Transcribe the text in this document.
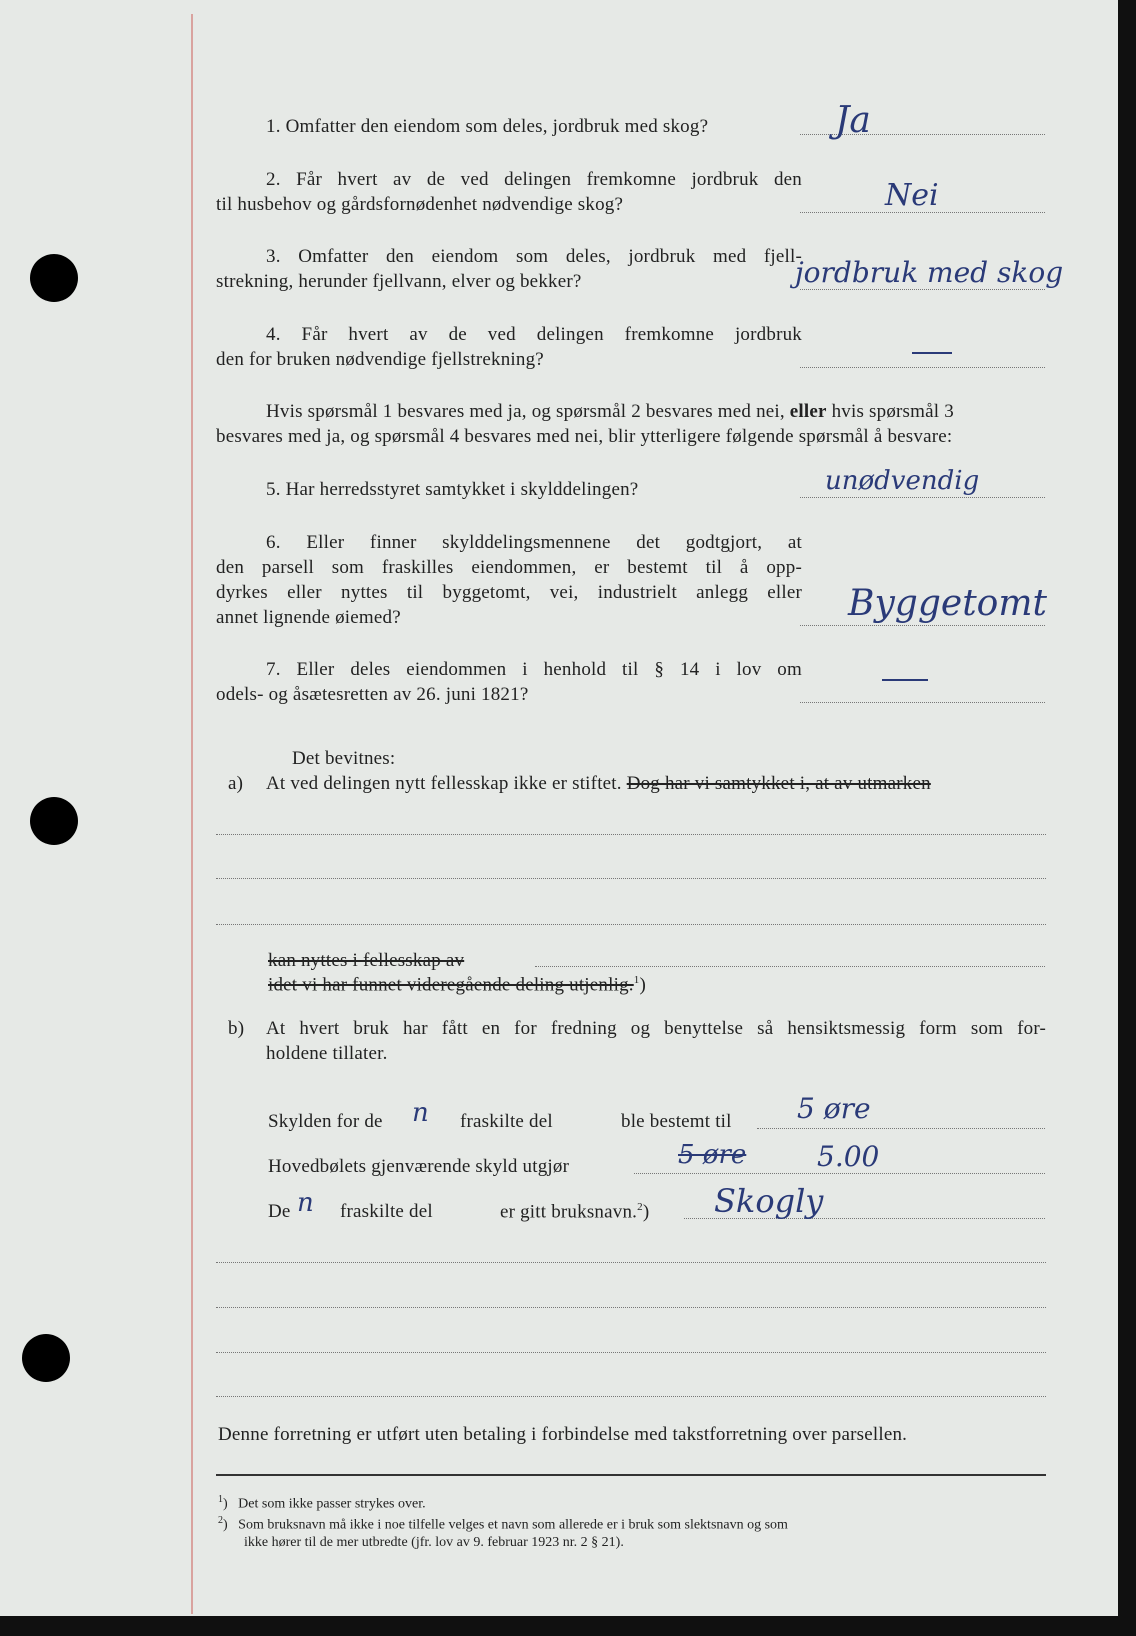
1. Omfatter den eiendom som deles, jordbruk med skog?	Ja
2. Får hvert av de ved delingen fremkomne jordbruk den
til husbehov og gårdsfornødenhet nødvendige skog?	Nei
3. Omfatter den eiendom som deles, jordbruk med fjell-
strekning, herunder fjellvann, elver og bekker?	jordbruk med skog
4. Får hvert av de ved delingen fremkomne jordbruk
den for bruken nødvendige fjellstrekning?
Hvis spørsmål 1 besvares med ja, og spørsmål 2 besvares med nei, eller hvis spørsmål 3
besvares med ja, og spørsmål 4 besvares med nei, blir ytterligere følgende spørsmål å besvare:
5. Har herredsstyret samtykket i skylddelingen?	unødvendig
6. Eller finner skylddelingsmennene det godtgjort, at
den parsell som fraskilles eiendommen, er bestemt til å opp-
dyrkes eller nyttes til byggetomt, vei, industrielt anlegg eller
annet lignende øiemed?	Byggetomt
7. Eller deles eiendommen i henhold til § 14 i lov om
odels- og åsætesretten av 26. juni 1821?
Det bevitnes:
a) At ved delingen nytt fellesskap ikke er stiftet. Dog har vi samtykket i, at av utmarken
kan nyttes i fellesskap av
idet vi har funnet videregående deling utjenlig.$^1$)
b) At hvert bruk har fått en for fredning og benyttelse så hensiktsmessig form som for-
holdene tillater.
Skylden for de n fraskilte del	ble bestemt til 5 øre
Hovedbølets gjenværende skyld utgjør	5 øre	5.00
De n fraskilte del	er gitt bruksnavn.$^2$) Skogly
Denne forretning er utført uten betaling i forbindelse med takstforretning over parsellen.
$^1$)   Det som ikke passer strykes over.
$^2$)   Som bruksnavn må ikke i noe tilfelle velges et navn som allerede er i bruk som slektsnavn og som
ikke hører til de mer utbredte (jfr. lov av 9. februar 1923 nr. 2 § 21).
